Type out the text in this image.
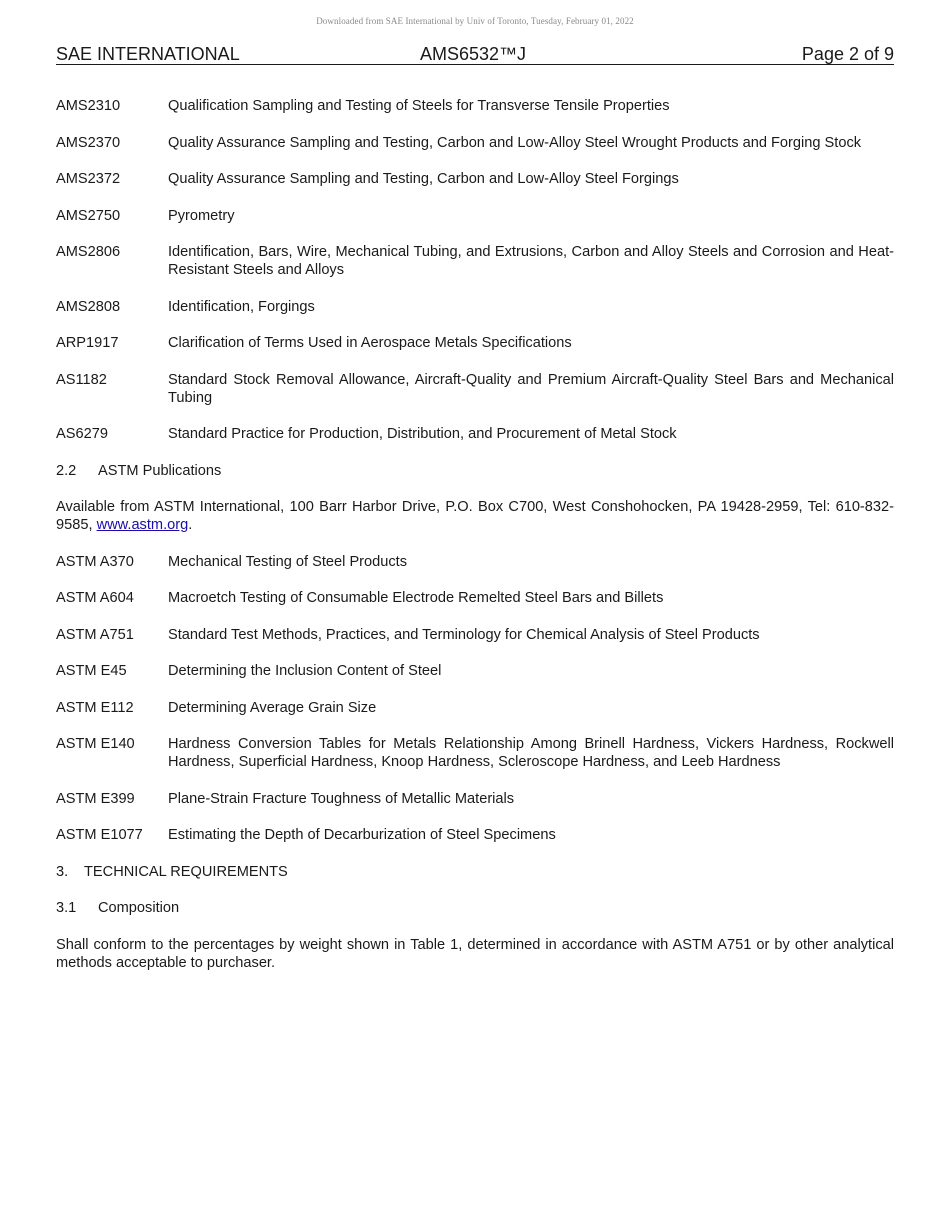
Downloaded from SAE International by Univ of Toronto, Tuesday, February 01, 2022
SAE INTERNATIONAL	AMS6532™J	Page 2 of 9
AMS2310	Qualification Sampling and Testing of Steels for Transverse Tensile Properties
AMS2370	Quality Assurance Sampling and Testing, Carbon and Low-Alloy Steel Wrought Products and Forging Stock
AMS2372	Quality Assurance Sampling and Testing, Carbon and Low-Alloy Steel Forgings
AMS2750	Pyrometry
AMS2806	Identification, Bars, Wire, Mechanical Tubing, and Extrusions, Carbon and Alloy Steels and Corrosion and Heat-Resistant Steels and Alloys
AMS2808	Identification, Forgings
ARP1917	Clarification of Terms Used in Aerospace Metals Specifications
AS1182	Standard Stock Removal Allowance, Aircraft-Quality and Premium Aircraft-Quality Steel Bars and Mechanical Tubing
AS6279	Standard Practice for Production, Distribution, and Procurement of Metal Stock
2.2 ASTM Publications
Available from ASTM International, 100 Barr Harbor Drive, P.O. Box C700, West Conshohocken, PA 19428-2959, Tel: 610-832-9585, www.astm.org.
ASTM A370	Mechanical Testing of Steel Products
ASTM A604	Macroetch Testing of Consumable Electrode Remelted Steel Bars and Billets
ASTM A751	Standard Test Methods, Practices, and Terminology for Chemical Analysis of Steel Products
ASTM E45	Determining the Inclusion Content of Steel
ASTM E112	Determining Average Grain Size
ASTM E140	Hardness Conversion Tables for Metals Relationship Among Brinell Hardness, Vickers Hardness, Rockwell Hardness, Superficial Hardness, Knoop Hardness, Scleroscope Hardness, and Leeb Hardness
ASTM E399	Plane-Strain Fracture Toughness of Metallic Materials
ASTM E1077	Estimating the Depth of Decarburization of Steel Specimens
3. TECHNICAL REQUIREMENTS
3.1 Composition
Shall conform to the percentages by weight shown in Table 1, determined in accordance with ASTM A751 or by other analytical methods acceptable to purchaser.
